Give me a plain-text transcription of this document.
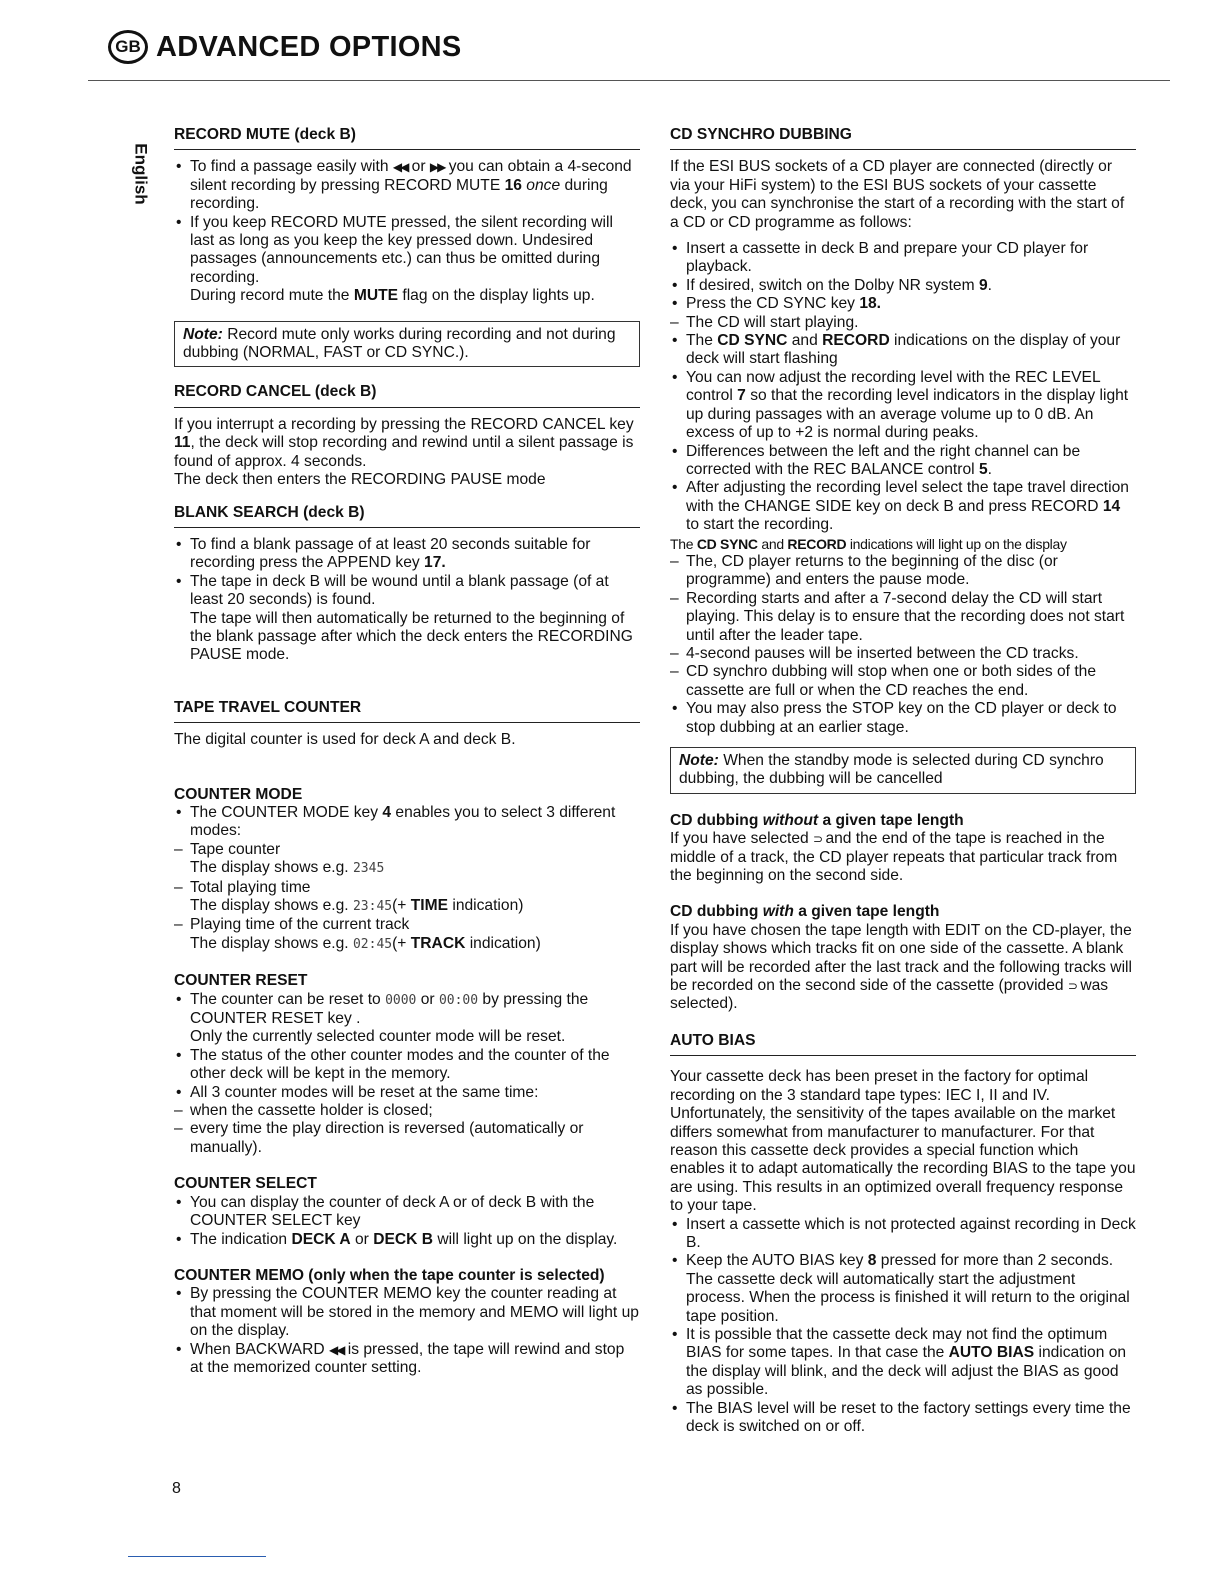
GB ADVANCED OPTIONS
English
RECORD MUTE (deck B)
• To find a passage easily with ◀◀ or ▶▶ you can obtain a 4-second silent recording by pressing RECORD MUTE 16 once during recording.
• If you keep RECORD MUTE pressed, the silent recording will last as long as you keep the key pressed down. Undesired passages (announcements etc.) can thus be omitted during recording.
During record mute the MUTE flag on the display lights up.

Note: Record mute only works during recording and not during dubbing (NORMAL, FAST or CD SYNC.).

RECORD CANCEL (deck B)

If you interrupt a recording by pressing the RECORD CANCEL key 11, the deck will stop recording and rewind until a silent passage is found of approx. 4 seconds.

The deck then enters the RECORDING PAUSE mode

BLANK SEARCH (deck B)
• To find a blank passage of at least 20 seconds suitable for recording press the APPEND key 17.
• The tape in deck B will be wound until a blank passage (of at least 20 seconds) is found.
The tape will then automatically be returned to the beginning of the blank passage after which the deck enters the RECORDING PAUSE mode.
TAPE TRAVEL COUNTER

The digital counter is used for deck A and deck B.

COUNTER MODE
• The COUNTER MODE key 4 enables you to select 3 different modes:
– Tape counter
The display shows e.g. 2345
– Total playing time
The display shows e.g. 23:45(+ TIME indication)
– Playing time of the current track
The display shows e.g. 02:45(+ TRACK indication)
COUNTER RESET
• The counter can be reset to 0000 or 00:00 by pressing the COUNTER RESET key .
Only the currently selected counter mode will be reset.
• The status of the other counter modes and the counter of the other deck will be kept in the memory.
• All 3 counter modes will be reset at the same time:
– when the cassette holder is closed;
– every time the play direction is reversed (automatically or manually).
COUNTER SELECT
• You can display the counter of deck A or of deck B with the COUNTER SELECT key
• The indication DECK A or DECK B will light up on the display.
COUNTER MEMO (only when the tape counter is selected)
• By pressing the COUNTER MEMO key the counter reading at that moment will be stored in the memory and MEMO will light up on the display.
• When BACKWARD ◀◀ is pressed, the tape will rewind and stop at the memorized counter setting.
CD SYNCHRO DUBBING

If the ESI BUS sockets of a CD player are connected (directly or via your HiFi system) to the ESI BUS sockets of your cassette deck, you can synchronise the start of a recording with the start of a CD or CD programme as follows:

• Insert a cassette in deck B and prepare your CD player for playback.
• If desired, switch on the Dolby NR system 9.
• Press the CD SYNC key 18.
– The CD will start playing.
• The CD SYNC and RECORD indications on the display of your deck will start flashing
• You can now adjust the recording level with the REC LEVEL control 7 so that the recording level indicators in the display light up during passages with an average volume up to 0 dB. An excess of up to +2 is normal during peaks.
• Differences between the left and the right channel can be corrected with the REC BALANCE control 5.
• After adjusting the recording level select the tape travel direction with the CHANGE SIDE key on deck B and press RECORD 14 to start the recording.

The CD SYNC and RECORD indications will light up on the display

– The, CD player returns to the beginning of the disc (or programme) and enters the pause mode.
– Recording starts and after a 7-second delay the CD will start playing. This delay is to ensure that the recording does not start until after the leader tape.
– 4-second pauses will be inserted between the CD tracks.
– CD synchro dubbing will stop when one or both sides of the cassette are full or when the CD reaches the end.
• You may also press the STOP key on the CD player or deck to stop dubbing at an earlier stage.

Note: When the standby mode is selected during CD synchro dubbing, the dubbing will be cancelled

CD dubbing without a given tape length

If you have selected ⊃ and the end of the tape is reached in the middle of a track, the CD player repeats that particular track from the beginning on the second side.

CD dubbing with a given tape length

If you have chosen the tape length with EDIT on the CD-player, the display shows which tracks fit on one side of the cassette. A blank part will be recorded after the last track and the following tracks will be recorded on the second side of the cassette (provided ⊃ was selected).

AUTO BIAS

Your cassette deck has been preset in the factory for optimal recording on the 3 standard tape types: IEC I, II and IV. Unfortunately, the sensitivity of the tapes available on the market differs somewhat from manufacturer to manufacturer. For that reason this cassette deck provides a special function which enables it to adapt automatically the recording BIAS to the tape you are using. This results in an optimized overall frequency response to your tape.

• Insert a cassette which is not protected against recording in Deck B.
• Keep the AUTO BIAS key 8 pressed for more than 2 seconds. The cassette deck will automatically start the adjustment process. When the process is finished it will return to the original tape position.
• It is possible that the cassette deck may not find the optimum BIAS for some tapes. In that case the AUTO BIAS indication on the display will blink, and the deck will adjust the BIAS as good as possible.
• The BIAS level will be reset to the factory settings every time the deck is switched on or off.
8
